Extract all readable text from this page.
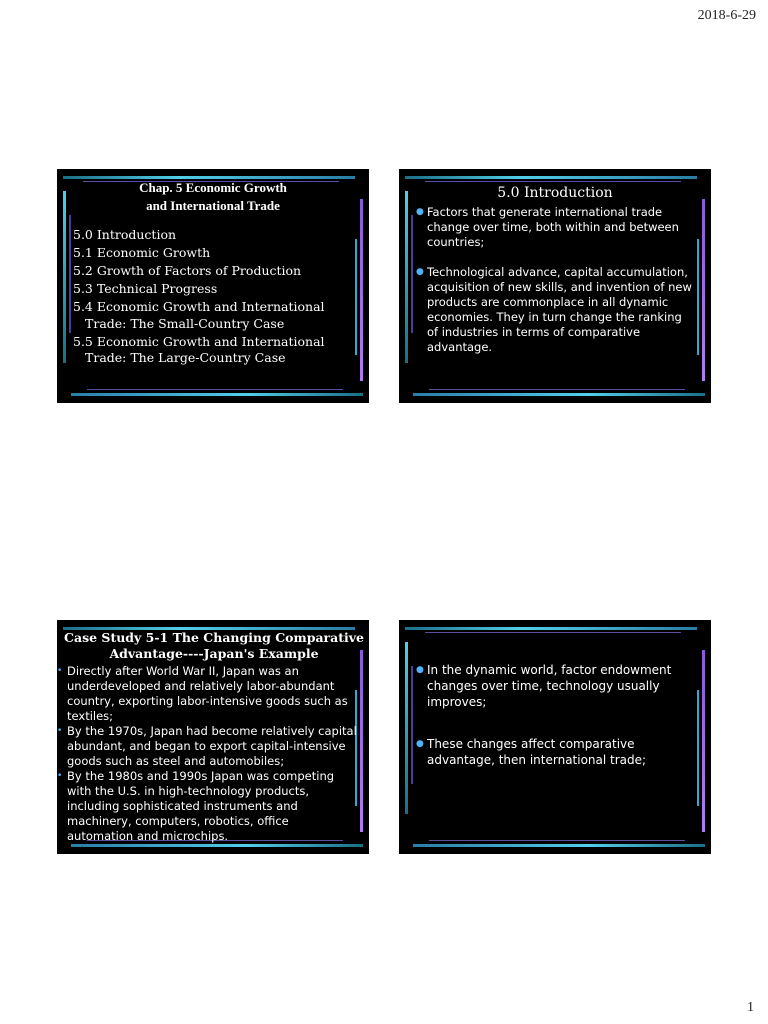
2018-6-29
Chap. 5 Economic Growth
and International Trade
5.0 Introduction
5.1 Economic Growth
5.2 Growth of Factors of Production
5.3 Technical Progress
5.4 Economic Growth and International Trade: The Small-Country Case
5.5 Economic Growth and International Trade: The Large-Country Case
5.0 Introduction
● Factors that generate international trade change over time, both within and between countries;
● Technological advance, capital accumulation, acquisition of new skills, and invention of new products are commonplace in all dynamic economies. They in turn change the ranking of industries in terms of comparative advantage.
Case Study 5-1 The Changing Comparative
Advantage----Japan's Example
• Directly after World War II, Japan was an underdeveloped and relatively labor-abundant country, exporting labor-intensive goods such as textiles;
• By the 1970s, Japan had become relatively capital abundant, and began to export capital-intensive goods such as steel and automobiles;
• By the 1980s and 1990s Japan was competing with the U.S. in high-technology products, including sophisticated instruments and machinery, computers, robotics, office automation and microchips.
● In the dynamic world, factor endowment changes over time, technology usually improves;
● These changes affect comparative advantage, then international trade;
1
